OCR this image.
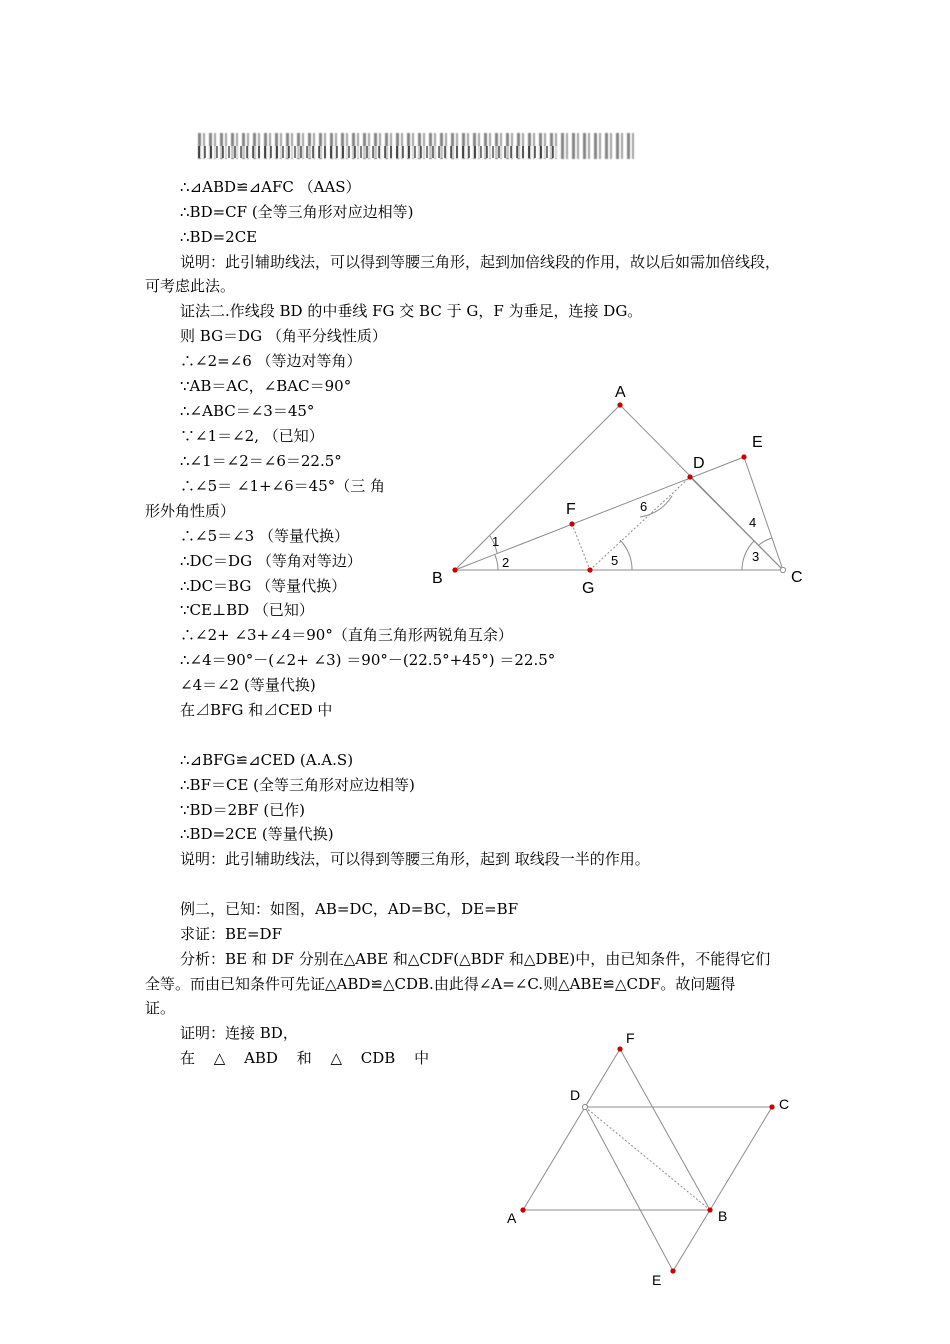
∴⊿ABD≌⊿AFC （AAS）
∴BD=CF (全等三角形对应边相等)
∴BD=2CE
说明：此引辅助线法，可以得到等腰三角形，起到加倍线段的作用，故以后如需加倍线段，
可考虑此法。
证法二.作线段 BD 的中垂线 FG 交 BC 于 G，F 为垂足，连接 DG。
则 BG＝DG （角平分线性质）
∴∠2=∠6 （等边对等角）
∵AB＝AC，∠BAC＝90°
∴∠ABC＝∠3＝45°
∵∠1＝∠2, （已知）
∴∠1＝∠2＝∠6＝22.5°
∴∠5＝ ∠1+∠6＝45°（三 角
形外角性质）
∴∠5＝∠3 （等量代换）
∴DC＝DG （等角对等边）
∴DC＝BG （等量代换）
∵CE⊥BD （已知）
∴∠2+ ∠3+∠4＝90°（直角三角形两锐角互余）
∴∠4＝90°－(∠2+ ∠3) ＝90°－(22.5°+45°) ＝22.5°
∠4＝∠2 (等量代换)
在⊿BFG 和⊿CED 中
∴⊿BFG≌⊿CED (A.A.S)
∴BF＝CE (全等三角形对应边相等)
∵BD＝2BF (已作)
∴BD=2CE (等量代换)
说明：此引辅助线法，可以得到等腰三角形，起到 取线段一半的作用。
例二，已知：如图，AB=DC，AD=BC，DE=BF
求证：BE=DF
分析：BE 和 DF 分别在△ABE 和△CDF(△BDF 和△DBE)中，由已知条件，不能得它们
全等。而由已知条件可先证△ABD≌△CDB.由此得∠A=∠C.则△ABE≌△CDF。故问题得
证。
证明：连接 BD，
在 △ ABD 和 △ CDB 中
A
D
E
F
B
G
C
1
2
6
5
4
3
F
D
C
A	B
E
